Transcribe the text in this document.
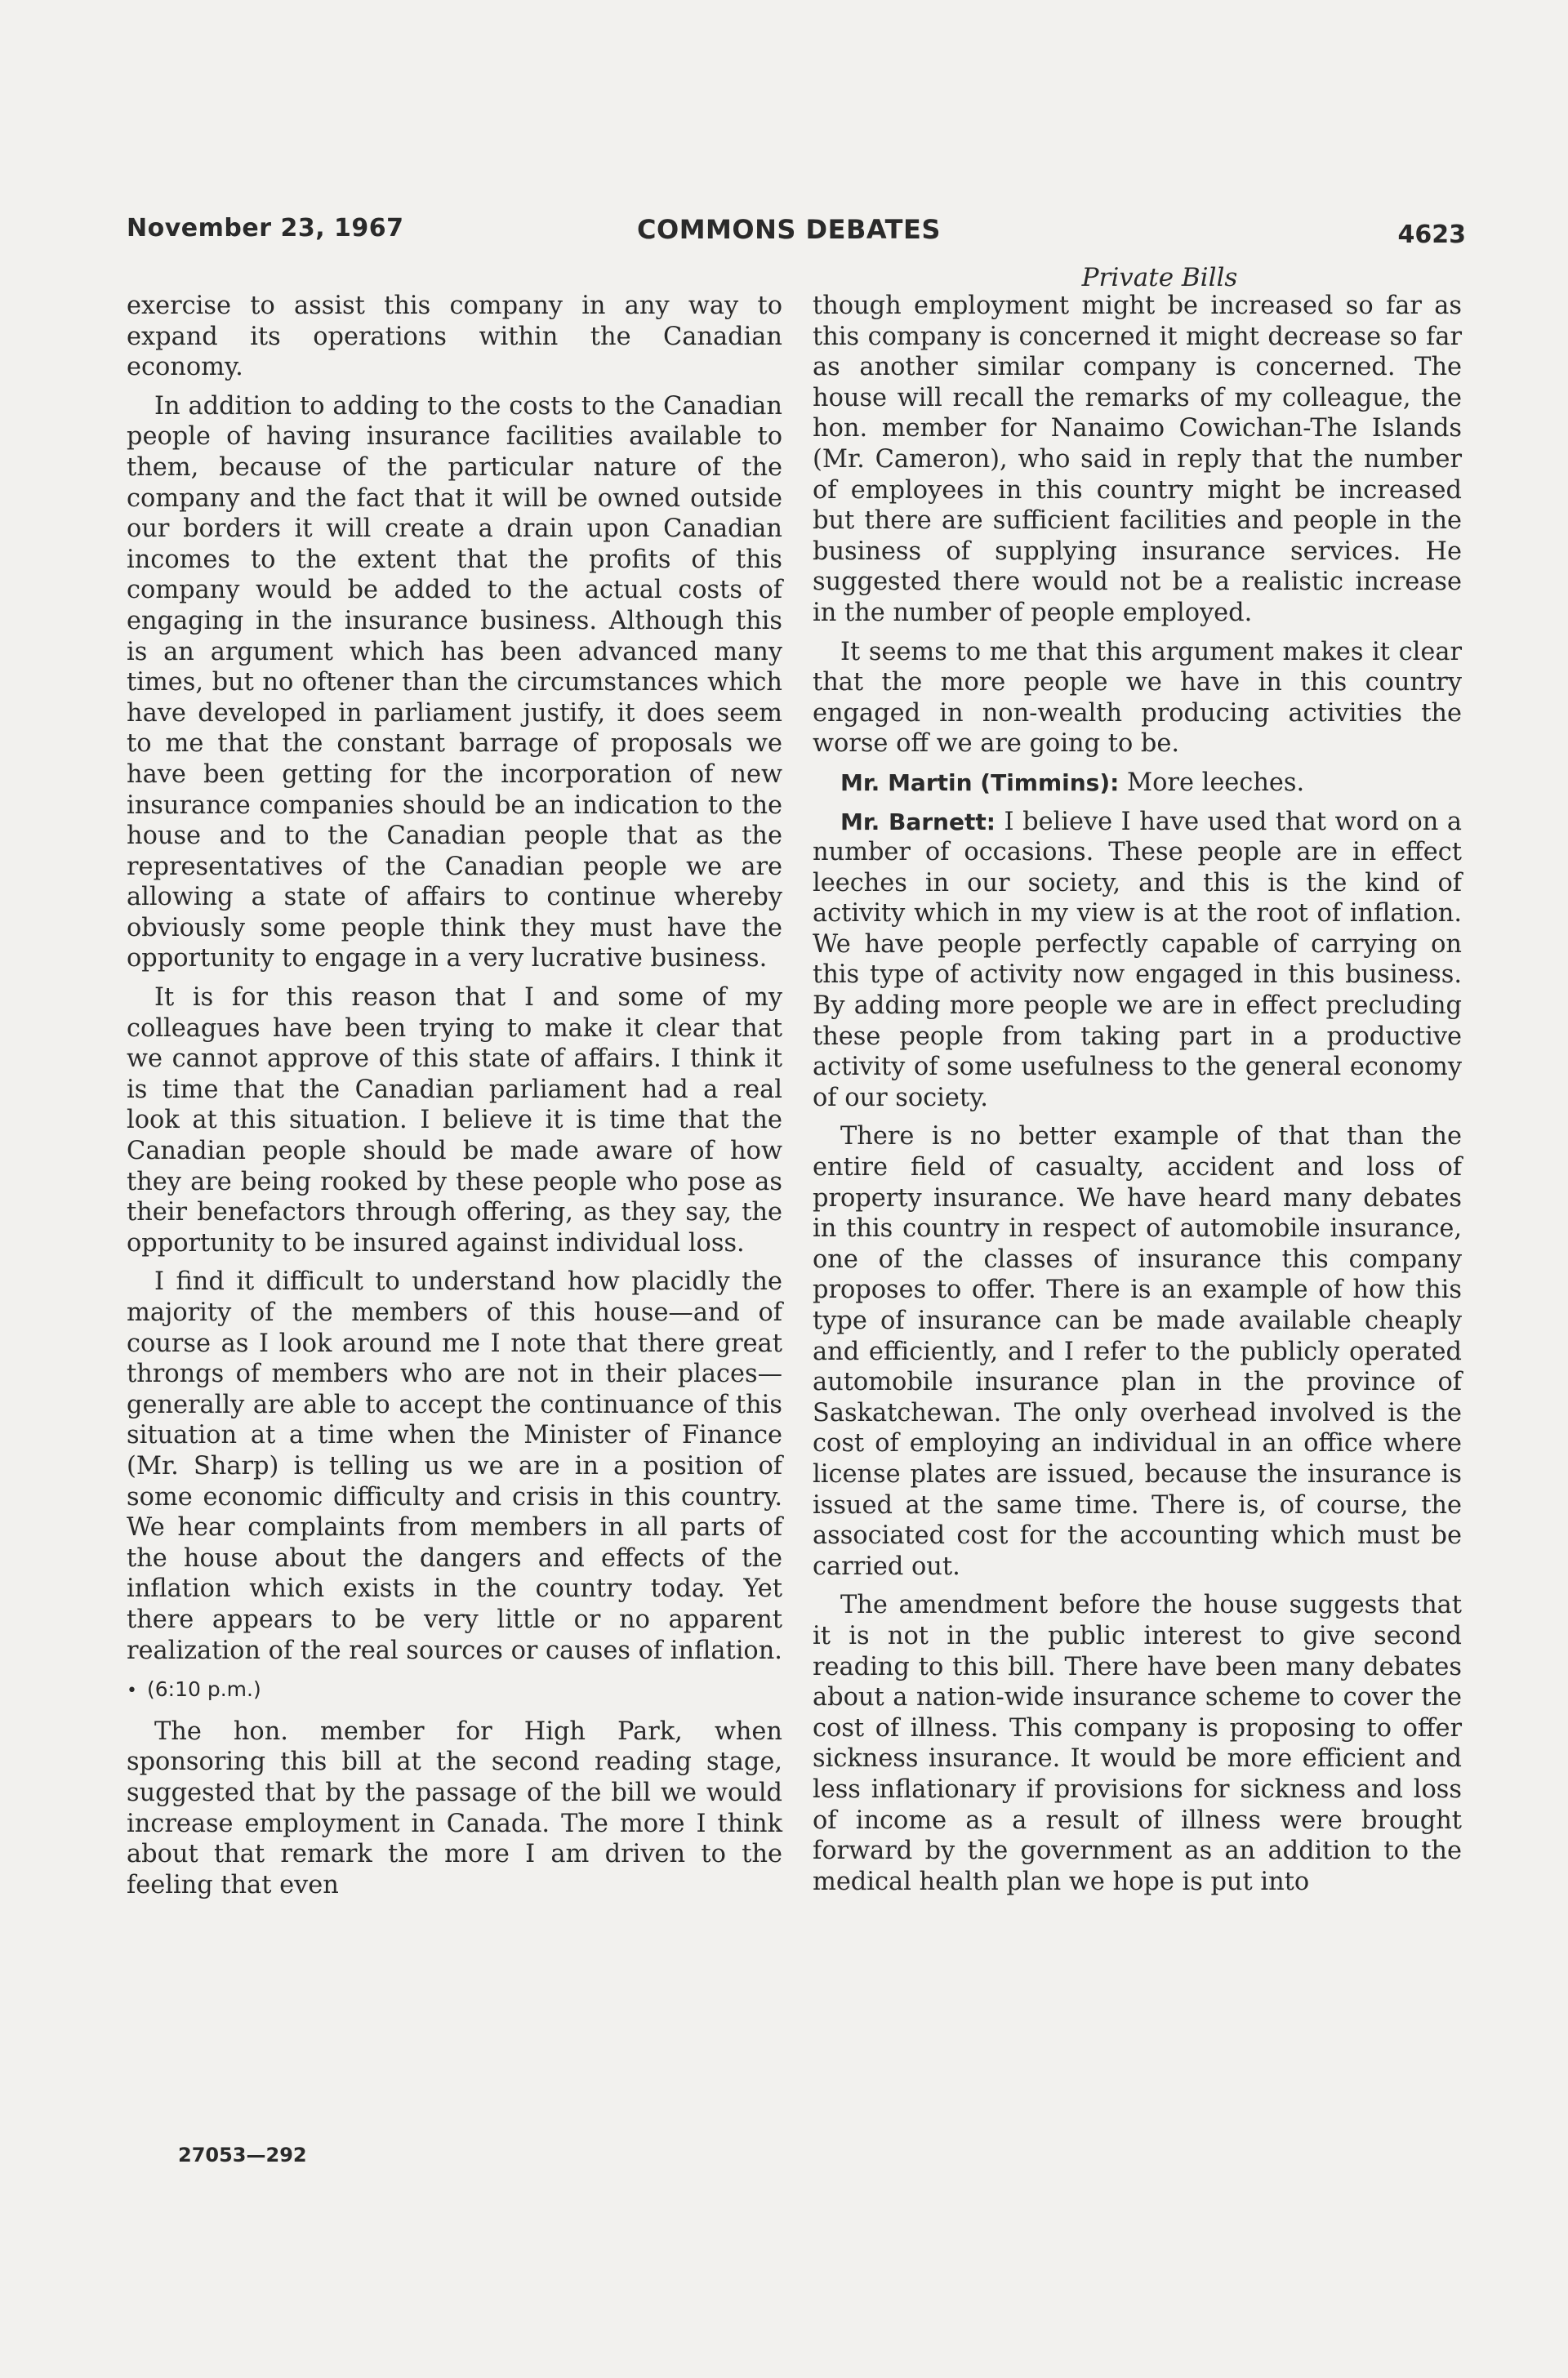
November 23, 1967	COMMONS DEBATES	4623
Private Bills

exercise to assist this company in any way to expand its operations within the Canadian economy.

In addition to adding to the costs to the Canadian people of having insurance facilities available to them, because of the particular nature of the company and the fact that it will be owned outside our borders it will create a drain upon Canadian incomes to the extent that the profits of this company would be added to the actual costs of engaging in the insurance business. Although this is an argument which has been advanced many times, but no oftener than the circumstances which have developed in parliament justify, it does seem to me that the constant barrage of proposals we have been getting for the incorporation of new insurance companies should be an indication to the house and to the Canadian people that as the representatives of the Canadian people we are allowing a state of affairs to continue whereby obviously some people think they must have the opportunity to engage in a very lucrative business.

It is for this reason that I and some of my colleagues have been trying to make it clear that we cannot approve of this state of affairs. I think it is time that the Canadian parliament had a real look at this situation. I believe it is time that the Canadian people should be made aware of how they are being rooked by these people who pose as their benefactors through offering, as they say, the opportunity to be insured against individual loss.

I find it difficult to understand how placidly the majority of the members of this house—and of course as I look around me I note that there great throngs of members who are not in their places—generally are able to accept the continuance of this situation at a time when the Minister of Finance (Mr. Sharp) is telling us we are in a position of some economic difficulty and crisis in this country. We hear complaints from members in all parts of the house about the dangers and effects of the inflation which exists in the country today. Yet there appears to be very little or no apparent realization of the real sources or causes of inflation.

• (6:10 p.m.)

The hon. member for High Park, when sponsoring this bill at the second reading stage, suggested that by the passage of the bill we would increase employment in Canada. The more I think about that remark the more I am driven to the feeling that even

though employment might be increased so far as this company is concerned it might decrease so far as another similar company is concerned. The house will recall the remarks of my colleague, the hon. member for Nanaimo Cowichan-The Islands (Mr. Cameron), who said in reply that the number of employees in this country might be increased but there are sufficient facilities and people in the business of supplying insurance services. He suggested there would not be a realistic increase in the number of people employed.

It seems to me that this argument makes it clear that the more people we have in this country engaged in non-wealth producing activities the worse off we are going to be.

Mr. Martin (Timmins): More leeches.

Mr. Barnett: I believe I have used that word on a number of occasions. These people are in effect leeches in our society, and this is the kind of activity which in my view is at the root of inflation. We have people perfectly capable of carrying on this type of activity now engaged in this business. By adding more people we are in effect precluding these people from taking part in a productive activity of some usefulness to the general economy of our society.

There is no better example of that than the entire field of casualty, accident and loss of property insurance. We have heard many debates in this country in respect of automobile insurance, one of the classes of insurance this company proposes to offer. There is an example of how this type of insurance can be made available cheaply and efficiently, and I refer to the publicly operated automobile insurance plan in the province of Saskatchewan. The only overhead involved is the cost of employing an individual in an office where license plates are issued, because the insurance is issued at the same time. There is, of course, the associated cost for the accounting which must be carried out.

The amendment before the house suggests that it is not in the public interest to give second reading to this bill. There have been many debates about a nation-wide insurance scheme to cover the cost of illness. This company is proposing to offer sickness insurance. It would be more efficient and less inflationary if provisions for sickness and loss of income as a result of illness were brought forward by the government as an addition to the medical health plan we hope is put into

27053—292
